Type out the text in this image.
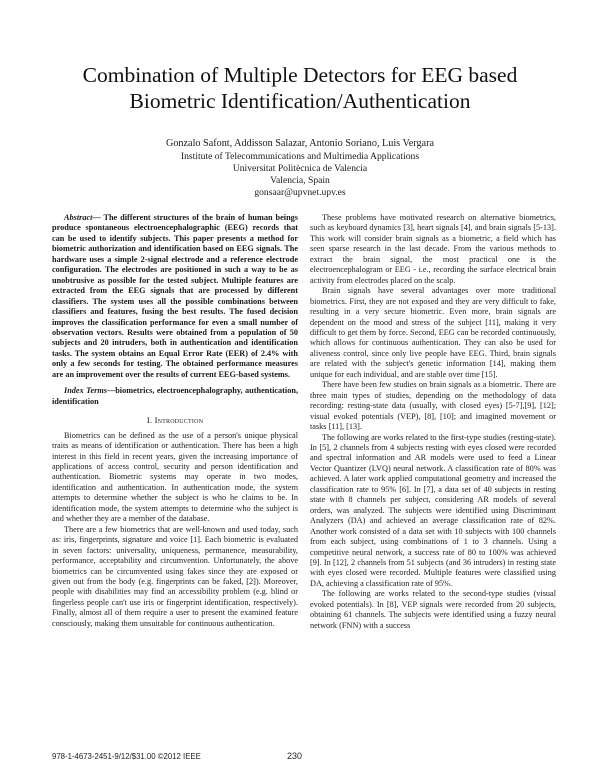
Combination of Multiple Detectors for EEG based Biometric Identification/Authentication
Gonzalo Safont, Addisson Salazar, Antonio Soriano, Luis Vergara
Institute of Telecommunications and Multimedia Applications
Universitat Politècnica de Valencia
Valencia, Spain
gonsaar@upvnet.upv.es

Abstract— The different structures of the brain of human beings produce spontaneous electroencephalographic (EEG) records that can be used to identify subjects. This paper presents a method for biometric authorization and identification based on EEG signals. The hardware uses a simple 2-signal electrode and a reference electrode configuration. The electrodes are positioned in such a way to be as unobtrusive as possible for the tested subject. Multiple features are extracted from the EEG signals that are processed by different classifiers. The system uses all the possible combinations between classifiers and features, fusing the best results. The fused decision improves the classification performance for even a small number of observation vectors. Results were obtained from a population of 50 subjects and 20 intruders, both in authentication and identification tasks. The system obtains an Equal Error Rate (EER) of 2.4% with only a few seconds for testing. The obtained performance measures are an improvement over the results of current EEG-based systems.

Index Terms—biometrics, electroencephalography, authentication, identification

I. Introduction

Biometrics can be defined as the use of a person's unique physical traits as means of identification or authentication. There has been a high interest in this field in recent years, given the increasing importance of applications of access control, security and person identification and authentication. Biometric systems may operate in two modes, identification and authentication. In authentication mode, the system attempts to determine whether the subject is who he claims to be. In identification mode, the system attempts to determine who the subject is and whether they are a member of the database.

There are a few biometrics that are well-known and used today, such as: iris, fingerprints, signature and voice [1]. Each biometric is evaluated in seven factors: universality, uniqueness, permanence, measurability, performance, acceptability and circumvention. Unfortunately, the above biometrics can be circumvented using fakes since they are exposed or given out from the body (e.g. fingerprints can be faked, [2]). Moreover, people with disabilities may find an accessibility problem (e.g. blind or fingerless people can't use iris or fingerprint identification, respectively). Finally, almost all of them require a user to present the examined feature consciously, making them unsuitable for continuous authentication.

These problems have motivated research on alternative biometrics, such as keyboard dynamics [3], heart signals [4], and brain signals [5-13]. This work will consider brain signals as a biometric, a field which has seen sparse research in the last decade. From the various methods to extract the brain signal, the most practical one is the electroencephalogram or EEG - i.e., recording the surface electrical brain activity from electrodes placed on the scalp.

Brain signals have several advantages over more traditional biometrics. First, they are not exposed and they are very difficult to fake, resulting in a very secure biometric. Even more, brain signals are dependent on the mood and stress of the subject [11], making it very difficult to get them by force. Second, EEG can be recorded continuously, which allows for continuous authentication. They can also be used for aliveness control, since only live people have EEG. Third, brain signals are related with the subject's genetic information [14], making them unique for each individual, and are stable over time [15].

There have been few studies on brain signals as a biometric. There are three main types of studies, depending on the methodology of data recording: resting-state data (usually, with closed eyes) [5-7],[9], [12]; visual evoked potentials (VEP), [8], [10]; and imagined movement or tasks [11], [13].

The following are works related to the first-type studies (resting-state). In [5], 2 channels from 4 subjects resting with eyes closed were recorded and spectral information and AR models were used to feed a Linear Vector Quantizer (LVQ) neural network. A classification rate of 80% was achieved. A later work applied computational geometry and increased the classification rate to 95% [6]. In [7], a data set of 40 subjects in resting state with 8 channels per subject, considering AR models of several orders, was analyzed. The subjects were identified using Discriminant Analyzers (DA) and achieved an average classification rate of 82%. Another work consisted of a data set with 10 subjects with 100 channels from each subject, using combinations of 1 to 3 channels. Using a competitive neural network, a success rate of 80 to 100% was achieved [9]. In [12], 2 channels from 51 subjects (and 36 intruders) in resting state with eyes closed were recorded. Multiple features were classified using DA, achieving a classification rate of 95%.

The following are works related to the second-type studies (visual evoked potentials). In [8], VEP signals were recorded from 20 subjects, obtaining 61 channels. The subjects were identified using a fuzzy neural network (FNN) with a success

978-1-4673-2451-9/12/$31.00 ©2012 IEEE	230
